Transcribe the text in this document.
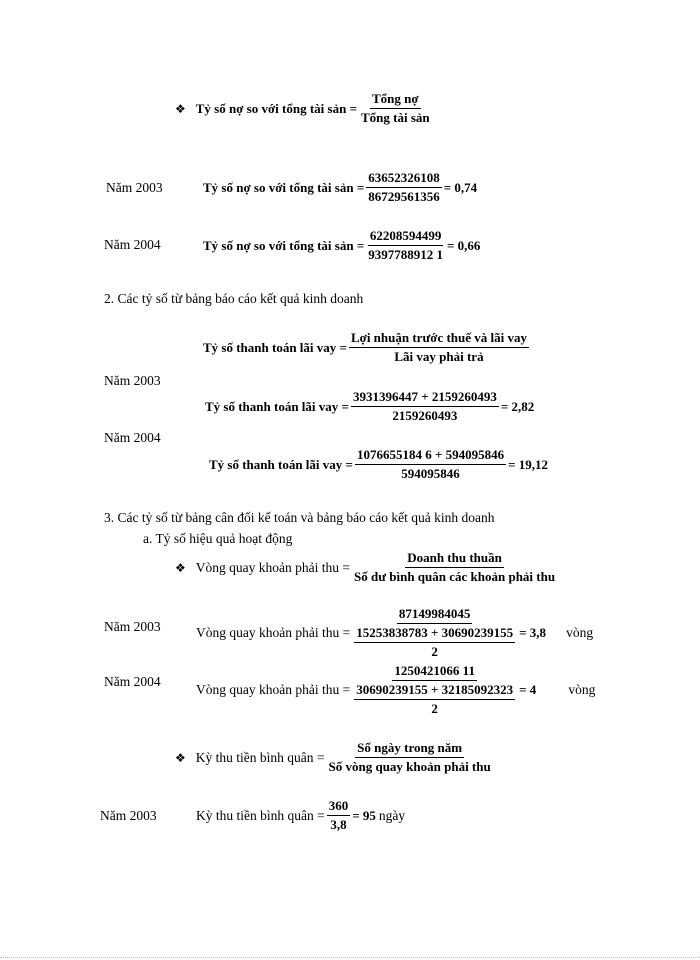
❖ Tỷ số nợ so với tổng tài sản = $\frac{\text{Tổng nợ}}{\text{Tổng tài sản}}$
Năm 2003	Tỷ số nợ so với tổng tài sản = $\frac{63652326108}{86729561356} = 0,74$
Năm 2004	Tỷ số nợ so với tổng tài sản = $\frac{62208594499}{9397788912 1} = 0,66$
2. Các tỷ số từ bảng báo cáo kết quả kinh doanh
Tỷ số thanh toán lãi vay = $\frac{\text{Lợi nhuận trước thuế và lãi vay}}{\text{Lãi vay phải trả}}$
Năm 2003
Tỷ số thanh toán lãi vay = $\frac{3931396447 + 2159260493}{2159260493} = 2,82$
Năm 2004
Tỷ số thanh toán lãi vay = $\frac{1076655184 6 + 594095846}{594095846} = 19,12$
3. Các tỷ số từ bảng cân đối kế toán và bảng báo cáo kết quả kinh doanh
a. Tỷ số hiệu quả hoạt động
❖ Vòng quay khoản phải thu = $\frac{\text{Doanh thu thuần}}{\text{Số dư bình quân các khoản phải thu}}$
Năm 2003	Vòng quay khoản phải thu = $\frac{87149984045}{\frac{15253838783 + 30690239155}{2}} = 3,8$ vòng
Năm 2004
Vòng quay khoản phải thu = $\frac{1250421066 11}{\frac{30690239155 + 32185092323}{2}} = 4$ vòng
❖ Kỳ thu tiền bình quân = $\frac{\text{Số ngày trong năm}}{\text{Số vòng quay khoản phải thu}}$
Năm 2003	Kỳ thu tiền bình quân = $\frac{360}{3,8} = 95$ ngày
